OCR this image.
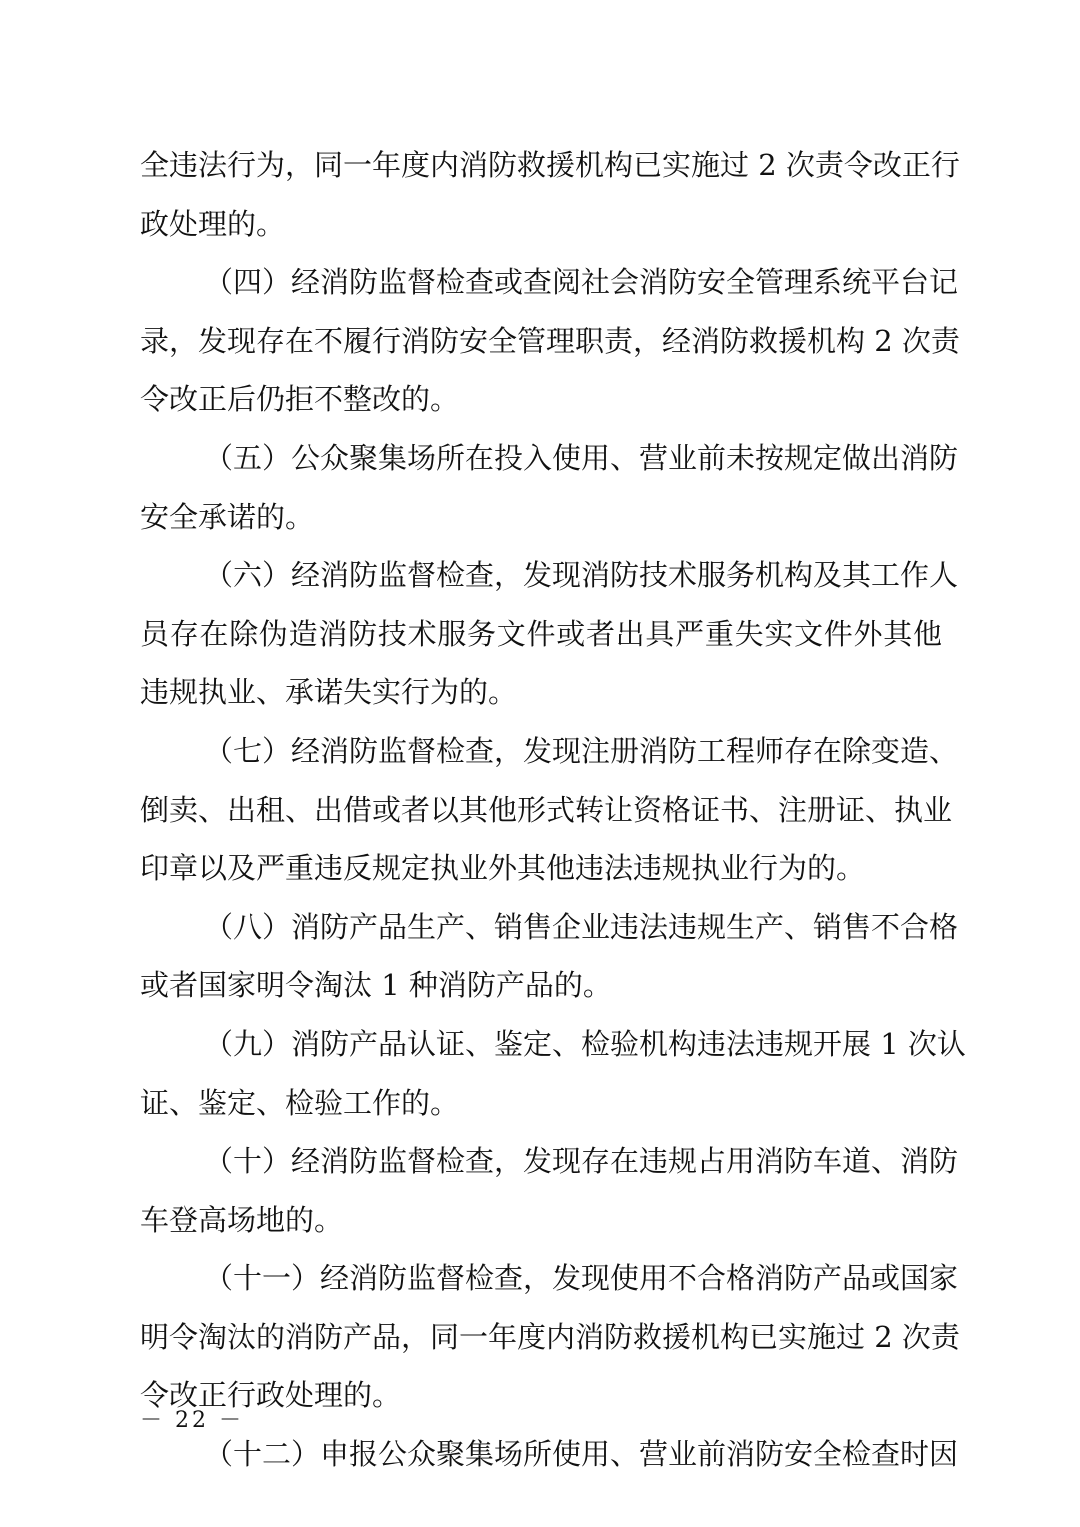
全违法行为，同一年度内消防救援机构已实施过 2 次责令改正行
政处理的。
（四）经消防监督检查或查阅社会消防安全管理系统平台记
录，发现存在不履行消防安全管理职责，经消防救援机构 2 次责
令改正后仍拒不整改的。
（五）公众聚集场所在投入使用、营业前未按规定做出消防
安全承诺的。
（六）经消防监督检查，发现消防技术服务机构及其工作人
员存在除伪造消防技术服务文件或者出具严重失实文件外其他
违规执业、承诺失实行为的。
（七）经消防监督检查，发现注册消防工程师存在除变造、
倒卖、出租、出借或者以其他形式转让资格证书、注册证、执业
印章以及严重违反规定执业外其他违法违规执业行为的。
（八）消防产品生产、销售企业违法违规生产、销售不合格
或者国家明令淘汰 1 种消防产品的。
（九）消防产品认证、鉴定、检验机构违法违规开展 1 次认
证、鉴定、检验工作的。
（十）经消防监督检查，发现存在违规占用消防车道、消防
车登高场地的。
（十一）经消防监督检查，发现使用不合格消防产品或国家
明令淘汰的消防产品，同一年度内消防救援机构已实施过 2 次责
令改正行政处理的。
（十二）申报公众聚集场所使用、营业前消防安全检查时因
－ 22 －
